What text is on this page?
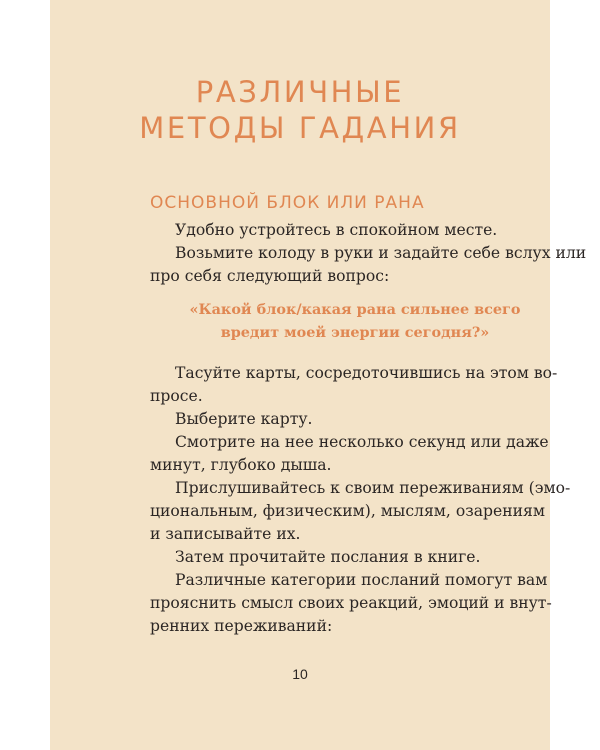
РАЗЛИЧНЫЕ
МЕТОДЫ ГАДАНИЯ
ОСНОВНОЙ БЛОК ИЛИ РАНА
Удобно устройтесь в спокойном месте.
Возьмите колоду в руки и задайте себе вслух или
про себя следующий вопрос:
«Какой блок/какая рана сильнее всего
вредит моей энергии сегодня?»
Тасуйте карты, сосредоточившись на этом во-
просе.
Выберите карту.
Смотрите на нее несколько секунд или даже
минут, глубоко дыша.
Прислушивайтесь к своим переживаниям (эмо-
циональным, физическим), мыслям, озарениям
и записывайте их.
Затем прочитайте послания в книге.
Различные категории посланий помогут вам
прояснить смысл своих реакций, эмоций и внут-
ренних переживаний:
10
